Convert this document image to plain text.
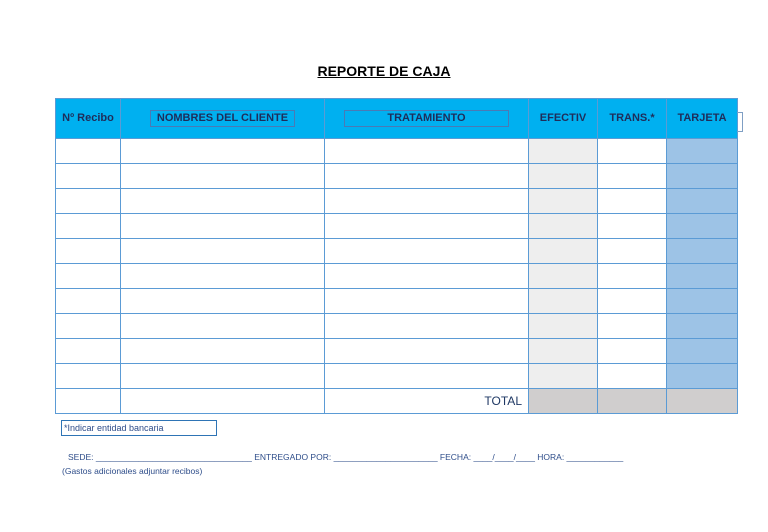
REPORTE DE CAJA
Nº Recibo	NOMBRES DEL CLIENTE	TRATAMIENTO	EFECTIV	TRANS.*	TARJETA

		TOTAL			
*Indicar entidad bancaria
SEDE: _________________________________ ENTREGADO POR: ______________________ FECHA: ____/____/____ HORA: ____________
(Gastos adicionales adjuntar recibos)
